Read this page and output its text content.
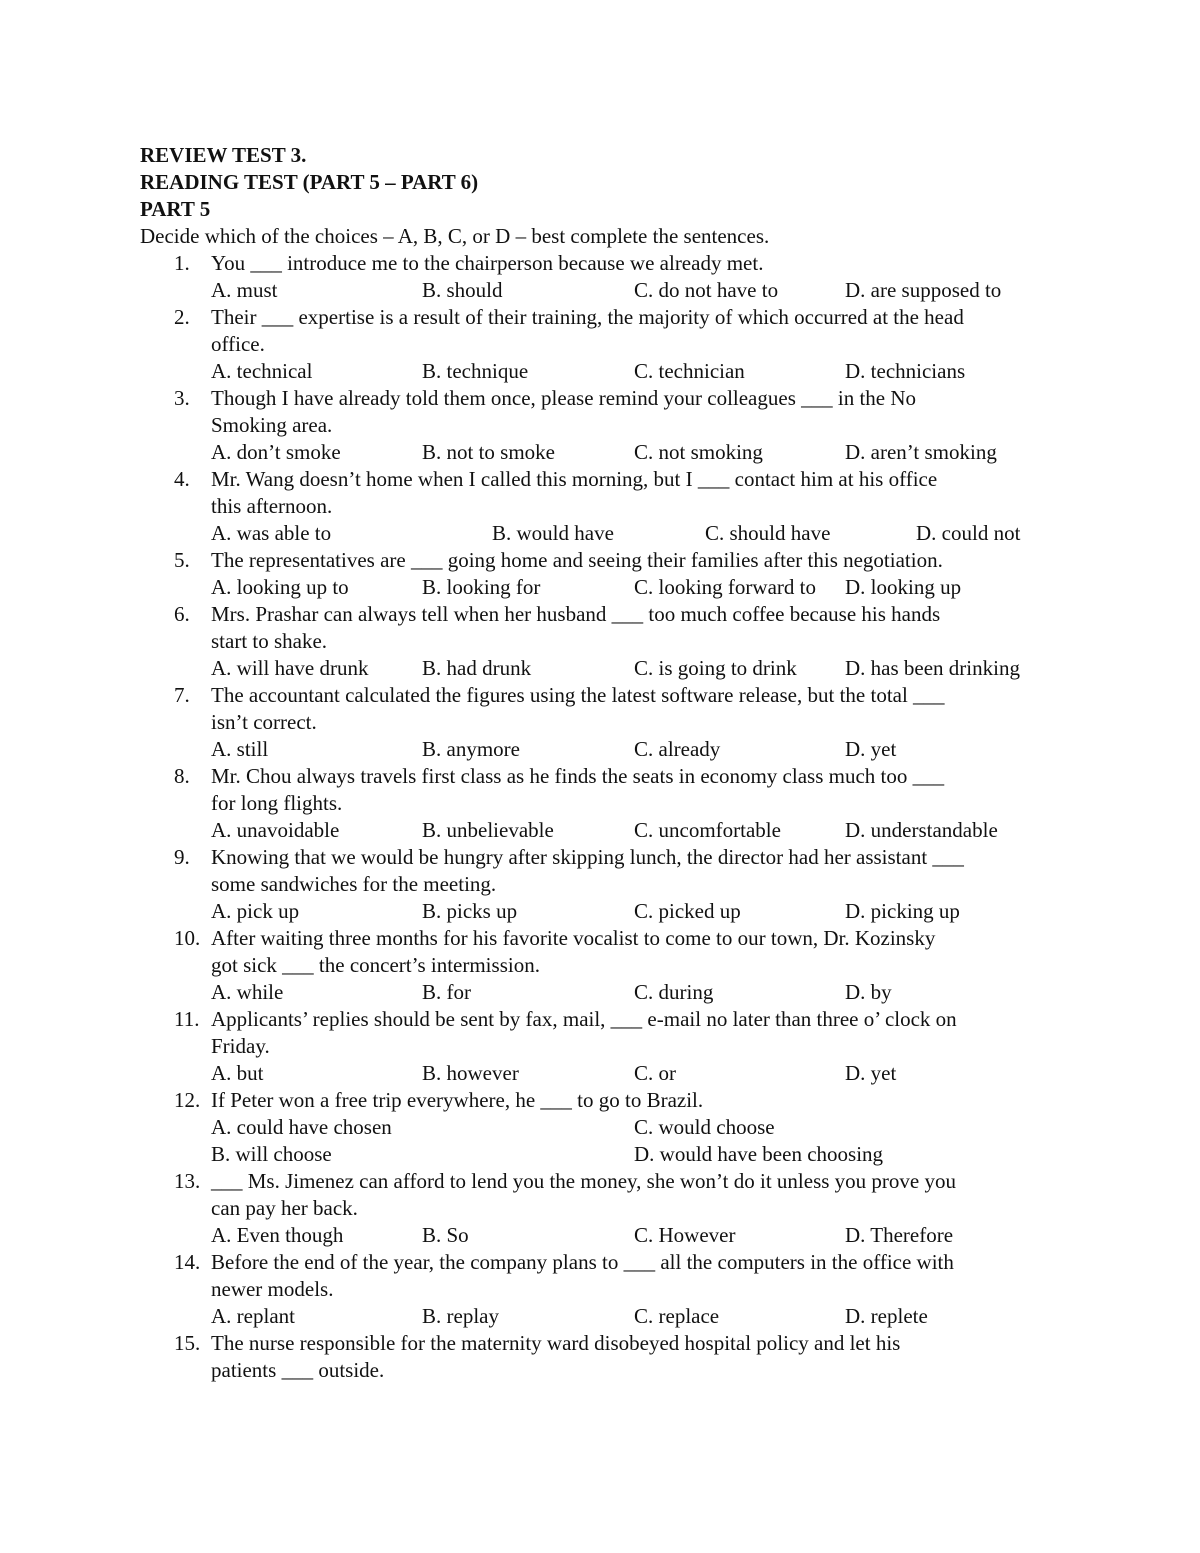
REVIEW TEST 3.
READING TEST (PART 5 – PART 6)
PART 5
Decide which of the choices – A, B, C, or D – best complete the sentences.
1.	You ___ introduce me to the chairperson because we already met.
A. must	B. should	C. do not have to	D. are supposed to
2.	Their ___ expertise is a result of their training, the majority of which occurred at the head
office.
A. technical	B. technique	C. technician	D. technicians
3.	Though I have already told them once, please remind your colleagues ___ in the No
Smoking area.
A. don’t smoke	B. not to smoke	C. not smoking	D. aren’t smoking
4.	Mr. Wang doesn’t home when I called this morning, but I ___ contact him at his office
this afternoon.
A. was able to	B. would have	C. should have	D. could not
5.	The representatives are ___ going home and seeing their families after this negotiation.
A. looking up to	B. looking for	C. looking forward to D. looking up
6.	Mrs. Prashar can always tell when her husband ___ too much coffee because his hands
start to shake.
A. will have drunk	B. had drunk	C. is going to drink D. has been drinking
7.	The accountant calculated the figures using the latest software release, but the total ___
isn’t correct.
A. still	B. anymore	C. already	D. yet
8.	Mr. Chou always travels first class as he finds the seats in economy class much too ___
for long flights.
A. unavoidable	B. unbelievable	C. uncomfortable	D. understandable
9.	Knowing that we would be hungry after skipping lunch, the director had her assistant ___
some sandwiches for the meeting.
A. pick up	B. picks up	C. picked up	D. picking up
10. After waiting three months for his favorite vocalist to come to our town, Dr. Kozinsky
got sick ___ the concert’s intermission.
A. while	B. for	C. during	D. by
11. Applicants’ replies should be sent by fax, mail, ___ e-mail no later than three o’ clock on
Friday.
A. but	B. however	C. or	D. yet
12. If Peter won a free trip everywhere, he ___ to go to Brazil.
A. could have chosen	C. would choose
B. will choose	D. would have been choosing
13. ___ Ms. Jimenez can afford to lend you the money, she won’t do it unless you prove you
can pay her back.
A. Even though	B. So	C. However	D. Therefore
14. Before the end of the year, the company plans to ___ all the computers in the office with
newer models.
A. replant	B. replay	C. replace	D. replete
15. The nurse responsible for the maternity ward disobeyed hospital policy and let his
patients ___ outside.
